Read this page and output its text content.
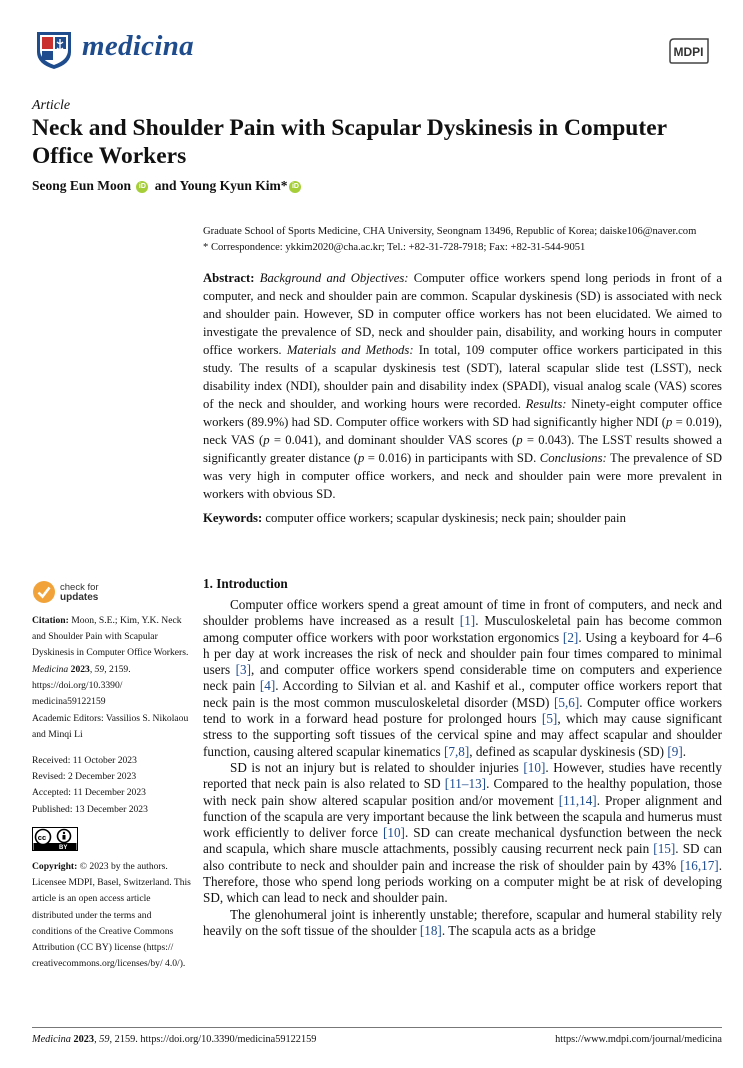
medicina	MDPI
Article
Neck and Shoulder Pain with Scapular Dyskinesis in Computer Office Workers
Seong Eun Moon iD and Young Kyun Kim* iD
Graduate School of Sports Medicine, CHA University, Seongnam 13496, Republic of Korea; daiske106@naver.com
* Correspondence: ykkim2020@cha.ac.kr; Tel.: +82-31-728-7918; Fax: +82-31-544-9051

Abstract: Background and Objectives: Computer office workers spend long periods in front of a computer, and neck and shoulder pain are common. Scapular dyskinesis (SD) is associated with neck and shoulder pain. However, SD in computer office workers has not been elucidated. We aimed to investigate the prevalence of SD, neck and shoulder pain, disability, and working hours in computer office workers. Materials and Methods: In total, 109 computer office workers participated in this study. The results of a scapular dyskinesis test (SDT), lateral scapular slide test (LSST), neck disability index (NDI), shoulder pain and disability index (SPADI), visual analog scale (VAS) scores of the neck and shoulder, and working hours were recorded. Results: Ninety-eight computer office workers (89.9%) had SD. Computer office workers with SD had significantly higher NDI (p = 0.019), neck VAS (p = 0.041), and dominant shoulder VAS scores (p = 0.043). The LSST results showed a significantly greater distance (p = 0.016) in participants with SD. Conclusions: The prevalence of SD was very high in computer office workers, and neck and shoulder pain were more prevalent in workers with obvious SD.

Keywords: computer office workers; scapular dyskinesis; neck pain; shoulder pain
check for
updates
Citation: Moon, S.E.; Kim, Y.K. Neck and Shoulder Pain with Scapular Dyskinesis in Computer Office Workers. Medicina 2023, 59, 2159. https://doi.org/10.3390/ medicina59122159
Academic Editors: Vassilios S. Nikolaou and Minqi Li
Received: 11 October 2023
Revised: 2 December 2023
Accepted: 11 December 2023
Published: 13 December 2023
cc
BY
Copyright: © 2023 by the authors. Licensee MDPI, Basel, Switzerland. This article is an open access article distributed under the terms and conditions of the Creative Commons Attribution (CC BY) license (https:// creativecommons.org/licenses/by/ 4.0/).
1. Introduction

Computer office workers spend a great amount of time in front of computers, and neck and shoulder problems have increased as a result [1]. Musculoskeletal pain has become common among computer office workers with poor workstation ergonomics [2]. Using a keyboard for 4–6 h per day at work increases the risk of neck and shoulder pain four times compared to minimal users [3], and computer office workers spend considerable time on computers and experience neck pain [4]. According to Silvian et al. and Kashif et al., computer office workers report that neck pain is the most common musculoskeletal disorder (MSD) [5,6]. Computer office workers tend to work in a forward head posture for prolonged hours [5], which may cause significant stress to the supporting soft tissues of the cervical spine and may affect scapular and shoulder function, causing altered scapular kinematics [7,8], defined as scapular dyskinesis (SD) [9].

SD is not an injury but is related to shoulder injuries [10]. However, studies have recently reported that neck pain is also related to SD [11–13]. Compared to the healthy population, those with neck pain show altered scapular position and/or movement [11,14]. Proper alignment and function of the scapula are very important because the link between the scapula and humerus must work efficiently to deliver force [10]. SD can create mechanical dysfunction between the neck and scapula, which share muscle attachments, possibly causing recurrent neck pain [15]. SD can also contribute to neck and shoulder pain and increase the risk of shoulder pain by 43% [16,17]. Therefore, those who spend long periods working on a computer might be at risk of developing SD, which can lead to neck and shoulder pain.

The glenohumeral joint is inherently unstable; therefore, scapular and humeral stability rely heavily on the soft tissue of the shoulder [18]. The scapula acts as a bridge

Medicina 2023, 59, 2159. https://doi.org/10.3390/medicina59122159	https://www.mdpi.com/journal/medicina
